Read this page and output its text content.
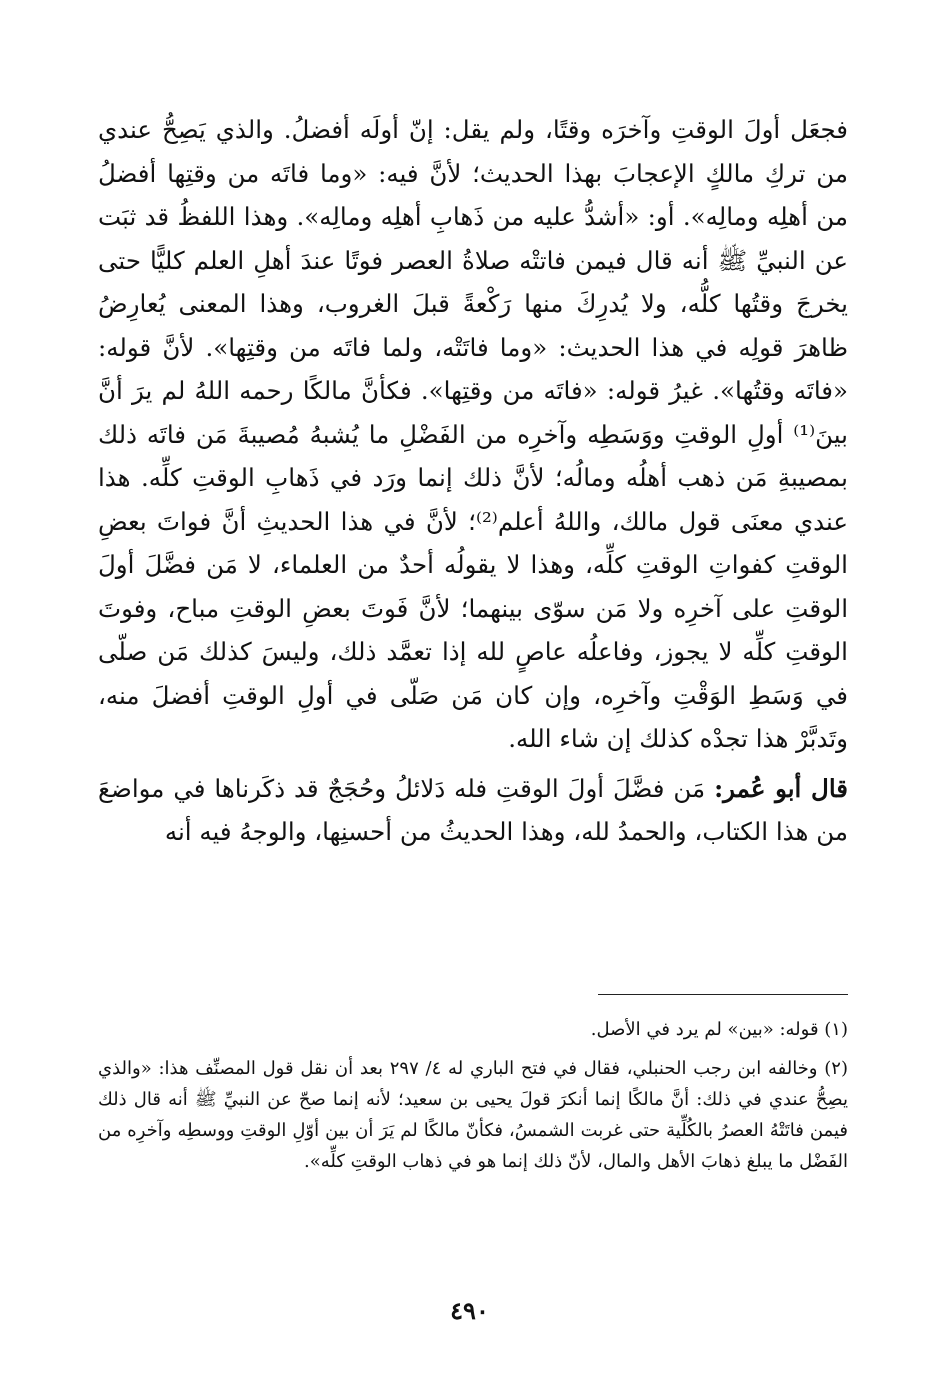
فجعَل أولَ الوقتِ وآخرَه وقتًا، ولم يقل: إنّ أولَه أفضلُ. والذي يَصِحُّ عندي من تركِ مالكٍ الإعجابَ بهذا الحديث؛ لأنَّ فيه: «وما فاتَه من وقتِها أفضلُ من أهلِه ومالِه». أو: «أشدُّ عليه من ذَهابِ أهلِه ومالِه». وهذا اللفظُ قد ثبَت عن النبيِّ ﷺ أنه قال فيمن فاتتْه صلاةُ العصر فوتًا عندَ أهلِ العلم كليًّا حتى يخرجَ وقتُها كلُّه، ولا يُدرِكَ منها رَكْعةً قبلَ الغروب، وهذا المعنى يُعارِضُ ظاهرَ قولِه في هذا الحديث: «وما فاتَتْه، ولما فاتَه من وقتِها». لأنَّ قوله: «فاتَه وقتُها». غيرُ قوله: «فاتَه من وقتِها». فكأنَّ مالكًا رحمه اللهُ لم يرَ أنَّ بينَ⁽¹⁾ أولِ الوقتِ ووَسَطِه وآخرِه من الفَضْلِ ما يُشبهُ مُصيبةَ مَن فاتَه ذلك بمصيبةِ مَن ذهب أهلُه ومالُه؛ لأنَّ ذلك إنما ورَد في ذَهابِ الوقتِ كلِّه. هذا عندي معنَى قول مالك، واللهُ أعلم⁽²⁾؛ لأنَّ في هذا الحديثِ أنَّ فواتَ بعضِ الوقتِ كفواتِ الوقتِ كلِّه، وهذا لا يقولُه أحدٌ من العلماء، لا مَن فضَّلَ أولَ الوقتِ على آخرِه ولا مَن سوّى بينهما؛ لأنَّ فَوتَ بعضِ الوقتِ مباح، وفوتَ الوقتِ كلِّه لا يجوز، وفاعلُه عاصٍ لله إذا تعمَّد ذلك، وليسَ كذلك مَن صلّى في وَسَطِ الوَقْتِ وآخرِه، وإن كان مَن صَلّى في أولِ الوقتِ أفضلَ منه، وتَدبَّرْ هذا تجدْه كذلك إن شاء الله.

قال أبو عُمر: مَن فضَّلَ أولَ الوقتِ فله دَلائلُ وحُجَجٌ قد ذكَرناها في مواضعَ من هذا الكتاب، والحمدُ لله، وهذا الحديثُ من أحسنِها، والوجهُ فيه أنه

(١) قوله: «بين» لم يرد في الأصل.

(٢) وخالفه ابن رجب الحنبلي، فقال في فتح الباري له ٤/ ٢٩٧ بعد أن نقل قول المصنِّف هذا: «والذي يصِحُّ عندي في ذلك: أنَّ مالكًا إنما أنكرَ قولَ يحيى بن سعيد؛ لأنه إنما صحّ عن النبيِّ ﷺ أنه قال ذلك فيمن فاتَتْهُ العصرُ بالكُلِّية حتى غربت الشمسُ، فكأنّ مالكًا لم يَرَ أن بين أوّلِ الوقتِ ووسطِه وآخرِه من الفَضْل ما يبلغ ذهابَ الأهل والمال، لأنّ ذلك إنما هو في ذهاب الوقتِ كلِّه».

٤٩٠
